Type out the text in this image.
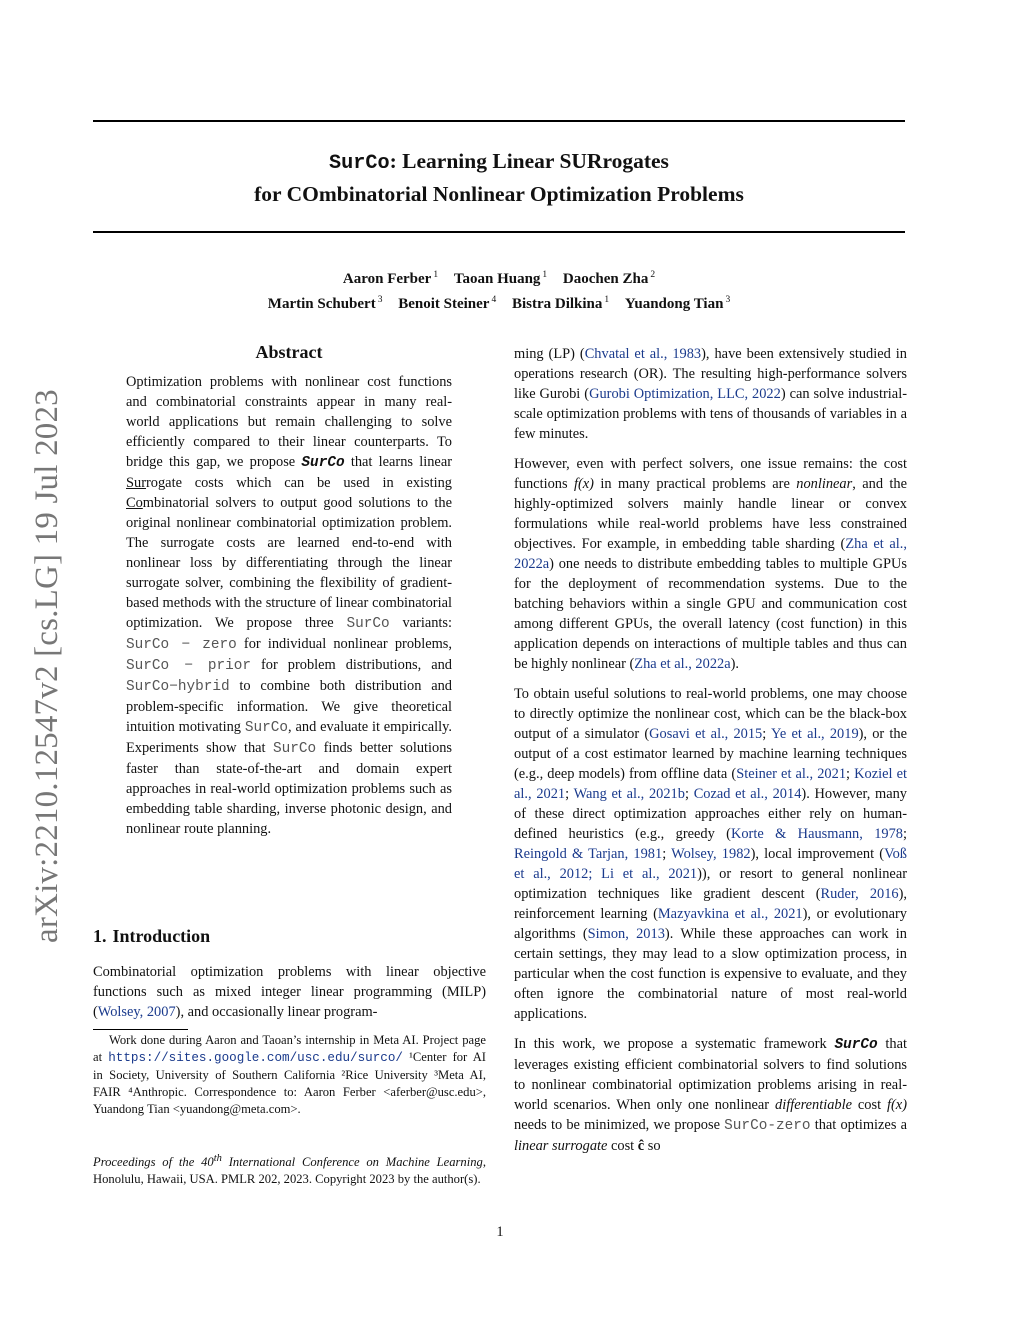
SurCo: Learning Linear SURrogates
for COmbinatorial Nonlinear Optimization Problems
Aaron Ferber $^1$ Taoan Huang $^1$ Daochen Zha $^2$
Martin Schubert $^3$ Benoit Steiner $^4$ Bistra Dilkina $^1$ Yuandong Tian $^3$
arXiv:2210.12547v2 [cs.LG] 19 Jul 2023
Abstract

Optimization problems with nonlinear cost functions and combinatorial constraints appear in many real-world applications but remain challenging to solve efficiently compared to their linear counterparts. To bridge this gap, we propose SurCo that learns linear Surrogate costs which can be used in existing Combinatorial solvers to output good solutions to the original nonlinear combinatorial optimization problem. The surrogate costs are learned end-to-end with nonlinear loss by differentiating through the linear surrogate solver, combining the flexibility of gradient-based methods with the structure of linear combinatorial optimization. We propose three SurCo variants: SurCo − zero for individual nonlinear problems, SurCo − prior for problem distributions, and SurCo−hybrid to combine both distribution and problem-specific information. We give theoretical intuition motivating SurCo, and evaluate it empirically. Experiments show that SurCo finds better solutions faster than state-of-the-art and domain expert approaches in real-world optimization problems such as embedding table sharding, inverse photonic design, and nonlinear route planning.

1. Introduction

Combinatorial optimization problems with linear objective functions such as mixed integer linear programming (MILP) (Wolsey, 2007), and occasionally linear program-

Work done during Aaron and Taoan’s internship in Meta AI. Project page at https://sites.google.com/usc.edu/surco/ ¹Center for AI in Society, University of Southern California ²Rice University ³Meta AI, FAIR ⁴Anthropic. Correspondence to: Aaron Ferber <aferber@usc.edu>, Yuandong Tian <yuandong@meta.com>.

Proceedings of the 40th International Conference on Machine Learning, Honolulu, Hawaii, USA. PMLR 202, 2023. Copyright 2023 by the author(s).

ming (LP) (Chvatal et al., 1983), have been extensively studied in operations research (OR). The resulting high-performance solvers like Gurobi (Gurobi Optimization, LLC, 2022) can solve industrial-scale optimization problems with tens of thousands of variables in a few minutes.

However, even with perfect solvers, one issue remains: the cost functions f(x) in many practical problems are nonlinear, and the highly-optimized solvers mainly handle linear or convex formulations while real-world problems have less constrained objectives. For example, in embedding table sharding (Zha et al., 2022a) one needs to distribute embedding tables to multiple GPUs for the deployment of recommendation systems. Due to the batching behaviors within a single GPU and communication cost among different GPUs, the overall latency (cost function) in this application depends on interactions of multiple tables and thus can be highly nonlinear (Zha et al., 2022a).

To obtain useful solutions to real-world problems, one may choose to directly optimize the nonlinear cost, which can be the black-box output of a simulator (Gosavi et al., 2015; Ye et al., 2019), or the output of a cost estimator learned by machine learning techniques (e.g., deep models) from offline data (Steiner et al., 2021; Koziel et al., 2021; Wang et al., 2021b; Cozad et al., 2014). However, many of these direct optimization approaches either rely on human-defined heuristics (e.g., greedy (Korte & Hausmann, 1978; Reingold & Tarjan, 1981; Wolsey, 1982), local improvement (Voß et al., 2012; Li et al., 2021)), or resort to general nonlinear optimization techniques like gradient descent (Ruder, 2016), reinforcement learning (Mazyavkina et al., 2021), or evolutionary algorithms (Simon, 2013). While these approaches can work in certain settings, they may lead to a slow optimization process, in particular when the cost function is expensive to evaluate, and they often ignore the combinatorial nature of most real-world applications.

In this work, we propose a systematic framework SurCo that leverages existing efficient combinatorial solvers to find solutions to nonlinear combinatorial optimization problems arising in real-world scenarios. When only one nonlinear differentiable cost f(x) needs to be minimized, we propose SurCo-zero that optimizes a linear surrogate cost ĉ so

1
